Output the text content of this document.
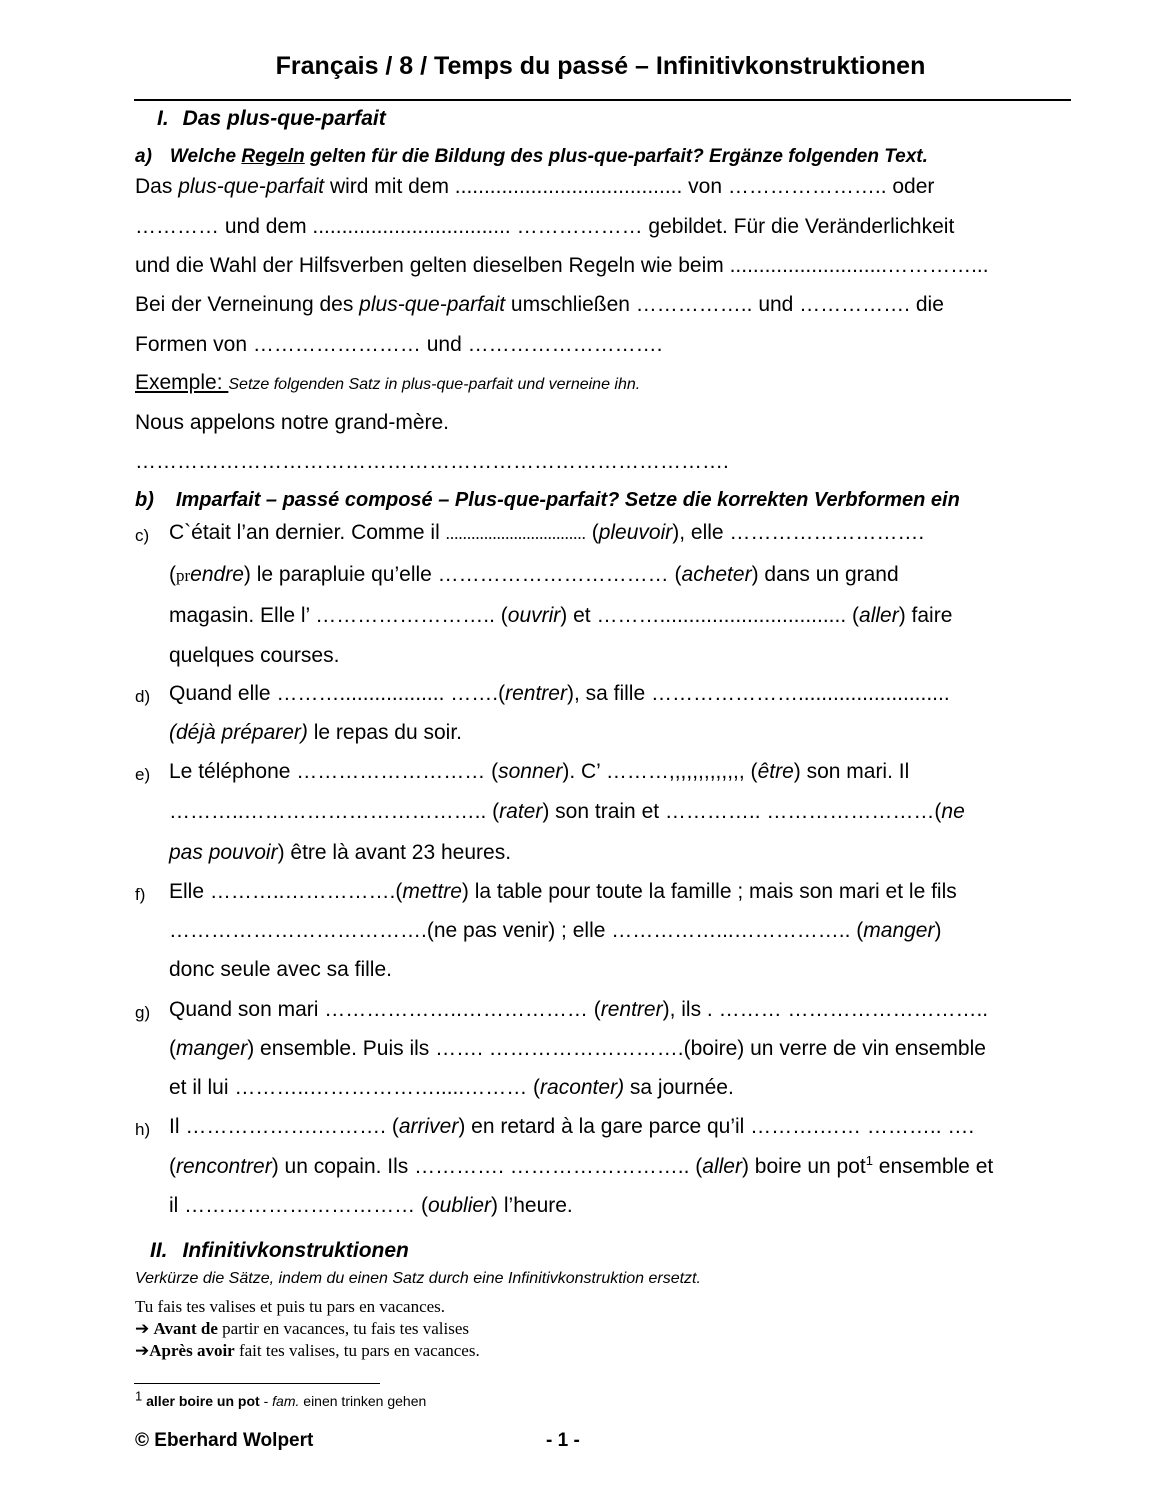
Français / 8 / Temps du passé – Infinitivkonstruktionen
I. Das plus-que-parfait
a) Welche Regeln gelten für die Bildung des plus-que-parfait? Ergänze folgenden Text.
Das plus-que-parfait wird mit dem ....................................... von ………………….. oder
………… und dem .................................. ……………… gebildet. Für die Veränderlichkeit
und die Wahl der Hilfsverben gelten dieselben Regeln wie beim ...........................…………...
Bei der Verneinung des plus-que-parfait umschließen …………….. und ……………. die
Formen von …………………… und ……………………….
Exemple: Setze folgenden Satz in plus-que-parfait und verneine ihn.
Nous appelons notre grand-mère.
………………………………………………………………………….
b) Imparfait – passé composé – Plus-que-parfait? Setze die korrekten Verbformen ein
c) C`était l’an dernier. Comme il ................................. (pleuvoir), elle ……………………….
(prendre) le parapluie qu’elle …………………………… (acheter) dans un grand
magasin. Elle l’ …………………….. (ouvrir) et ………................................ (aller) faire
quelques courses.
d) Quand elle ……….................. …….(rentrer), sa fille …………………..........................
(déjà préparer) le repas du soir.
e) Le téléphone ……………………… (sonner). C’ ………,,,,,,,,,,,,, (être) son mari. Il
………..…………………………….. (rater) son train et ………….. ……………………(ne
pas pouvoir) être là avant 23 heures.
f) Elle ………..…………….(mettre) la table pour toute la famille ; mais son mari et le fils
……………………………….(ne pas venir) ; elle ……………...…………….. (manger)
donc seule avec sa fille.
g) Quand son mari ………………..……………… (rentrer), ils . ……… ………………………..
(manger) ensemble. Puis ils ……. ……………………….(boire) un verre de vin ensemble
et il lui ………..……………….....……… (raconter) sa journée.
h) Il ……………….………. (arriver) en retard à la gare parce qu’il ……….…… ……….. ….
(rencontrer) un copain. Ils …………. …………………….. (aller) boire un pot$^1$ ensemble et
il …………………………… (oublier) l’heure.
II. Infinitivkonstruktionen
Verkürze die Sätze, indem du einen Satz durch eine Infinitivkonstruktion ersetzt.
Tu fais tes valises et puis tu pars en vacances.
➔ Avant de partir en vacances, tu fais tes valises
➔Après avoir fait tes valises, tu pars en vacances.
$^1$ aller boire un pot - fam. einen trinken gehen
© Eberhard Wolpert	- 1 -
